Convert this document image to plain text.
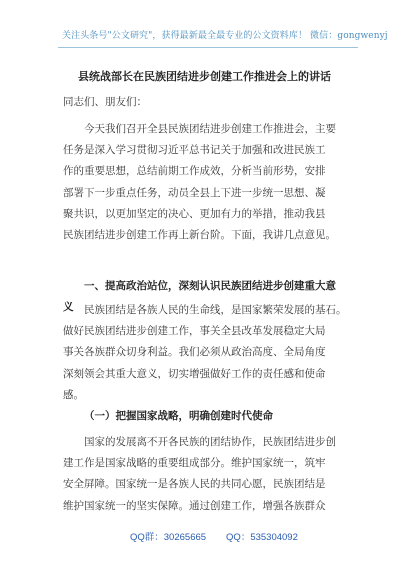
关注头条号"公文研究"，获得最新最全最专业的公文资料库！ 微信：gongwenyj
县统战部长在民族团结进步创建工作推进会上的讲话
同志们、朋友们：
今天我们召开全县民族团结进步创建工作推进会，主要
任务是深入学习贯彻习近平总书记关于加强和改进民族工
作的重要思想，总结前期工作成效，分析当前形势，安排
部署下一步重点任务，动员全县上下进一步统一思想、凝
聚共识，以更加坚定的决心、更加有力的举措，推动我县
民族团结进步创建工作再上新台阶。下面，我讲几点意见。
一、提高政治站位，深刻认识民族团结进步创建重大意
义	民族团结是各族人民的生命线，是国家繁荣发展的基石。
做好民族团结进步创建工作，事关全县改革发展稳定大局
事关各族群众切身利益。我们必须从政治高度、全局角度
深刻领会其重大意义，切实增强做好工作的责任感和使命
感。
（一）把握国家战略，明确创建时代使命
国家的发展离不开各民族的团结协作，民族团结进步创
建工作是国家战略的重要组成部分。维护国家统一，筑牢
安全屏障。国家统一是各族人民的共同心愿，民族团结是
维护国家统一的坚实保障。通过创建工作，增强各族群众
QQ群：30265665 QQ：535304092
